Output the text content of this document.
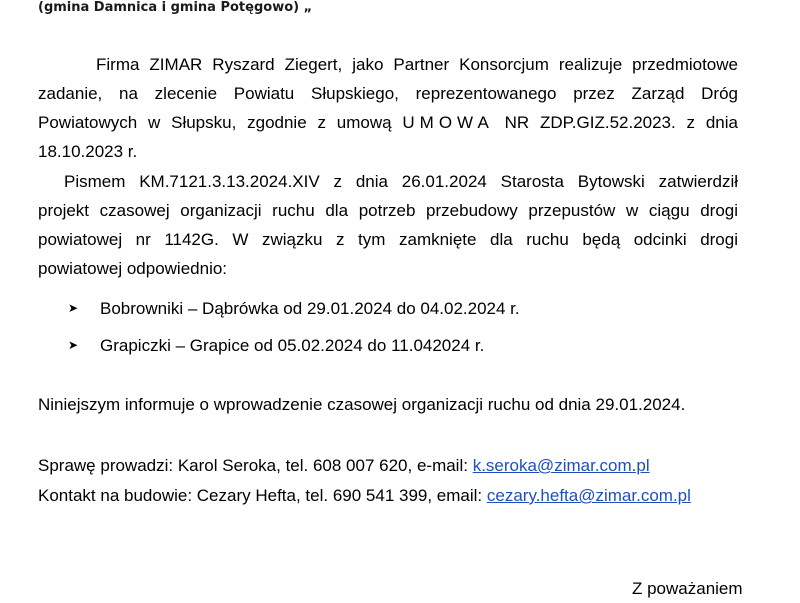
(gmina Damnica i gmina Potęgowo) „
Firma ZIMAR Ryszard Ziegert, jako Partner Konsorcjum realizuje przedmiotowe
zadanie, na zlecenie Powiatu Słupskiego, reprezentowanego przez Zarząd Dróg
Powiatowych w Słupsku, zgodnie z umową UMOWA NR ZDP.GIZ.52.2023. z dnia
18.10.2023 r.
Pismem KM.7121.3.13.2024.XIV z dnia 26.01.2024 Starosta Bytowski zatwierdził
projekt czasowej organizacji ruchu dla potrzeb przebudowy przepustów w ciągu drogi
powiatowej nr 1142G. W związku z tym zamknięte dla ruchu będą odcinki drogi
powiatowej odpowiednio:
➤ Bobrowniki – Dąbrówka od 29.01.2024 do 04.02.2024 r.
➤ Grapiczki – Grapice od 05.02.2024 do 11.042024 r.
Niniejszym informuje o wprowadzenie czasowej organizacji ruchu od dnia 29.01.2024.
Sprawę prowadzi: Karol Seroka, tel. 608 007 620, e-mail: k.seroka@zimar.com.pl
Kontakt na budowie: Cezary Hefta, tel. 690 541 399, email: cezary.hefta@zimar.com.pl
Z poważaniem
